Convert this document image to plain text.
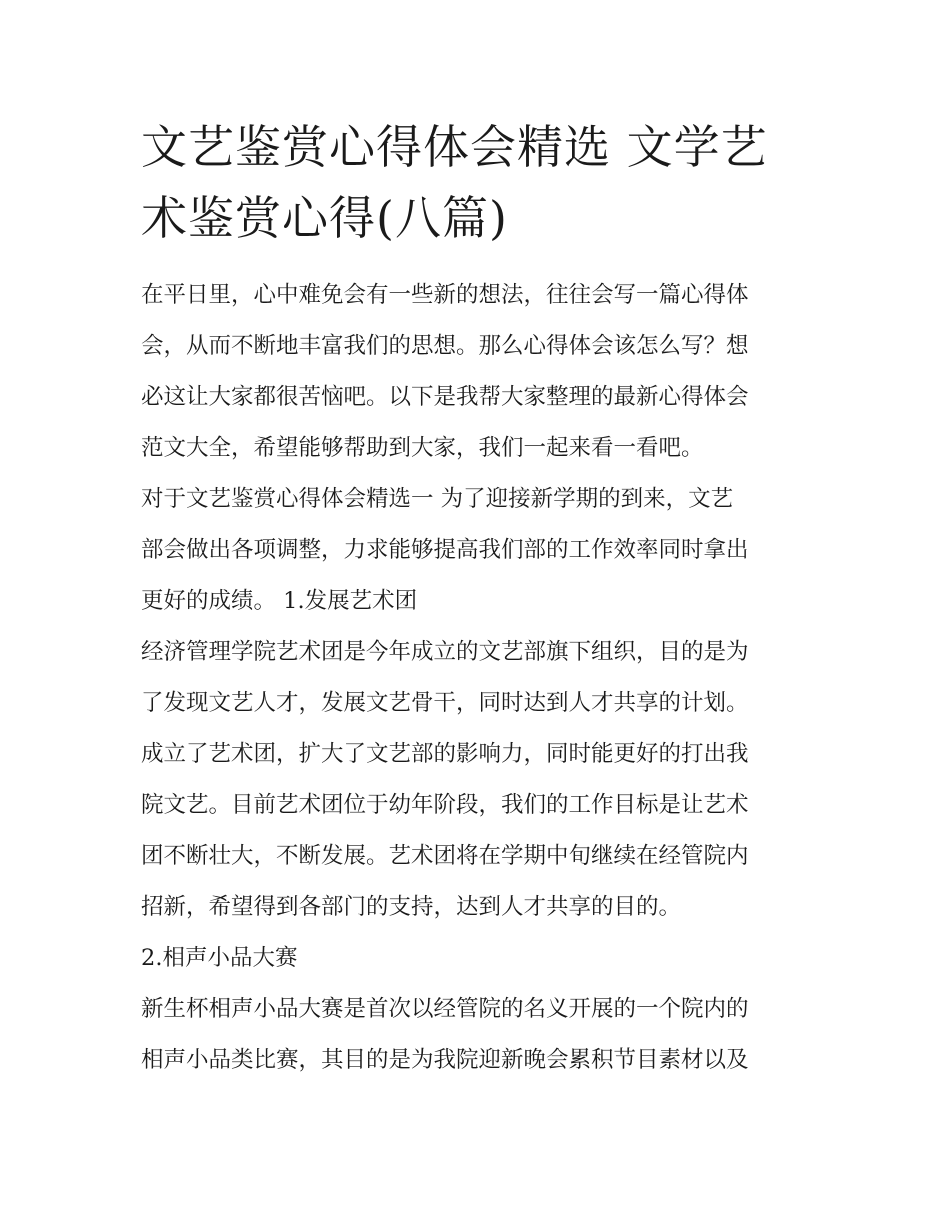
文艺鉴赏心得体会精选 文学艺
术鉴赏心得(八篇)

在平日里，心中难免会有一些新的想法，往往会写一篇心得体
会，从而不断地丰富我们的思想。那么心得体会该怎么写？想
必这让大家都很苦恼吧。以下是我帮大家整理的最新心得体会
范文大全，希望能够帮助到大家，我们一起来看一看吧。

对于文艺鉴赏心得体会精选一 为了迎接新学期的到来，文艺
部会做出各项调整，力求能够提高我们部的工作效率同时拿出
更好的成绩。 1.发展艺术团

经济管理学院艺术团是今年成立的文艺部旗下组织，目的是为
了发现文艺人才，发展文艺骨干，同时达到人才共享的计划。
成立了艺术团，扩大了文艺部的影响力，同时能更好的打出我
院文艺。目前艺术团位于幼年阶段，我们的工作目标是让艺术
团不断壮大，不断发展。艺术团将在学期中旬继续在经管院内
招新，希望得到各部门的支持，达到人才共享的目的。

2.相声小品大赛

新生杯相声小品大赛是首次以经管院的名义开展的一个院内的
相声小品类比赛，其目的是为我院迎新晚会累积节目素材以及
